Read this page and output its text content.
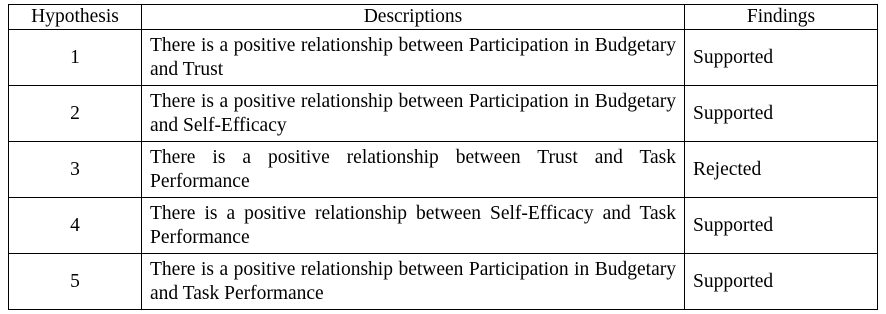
Hypothesis	Descriptions	Findings
1	There is a positive relationship between Participation in Budgetary and Trust	Supported
2	There is a positive relationship between Participation in Budgetary and Self-Efficacy	Supported
3	There is a positive relationship between Trust and Task Performance	Rejected
4	There is a positive relationship between Self-Efficacy and Task Performance	Supported
5	There is a positive relationship between Participation in Budgetary and Task Performance	Supported
